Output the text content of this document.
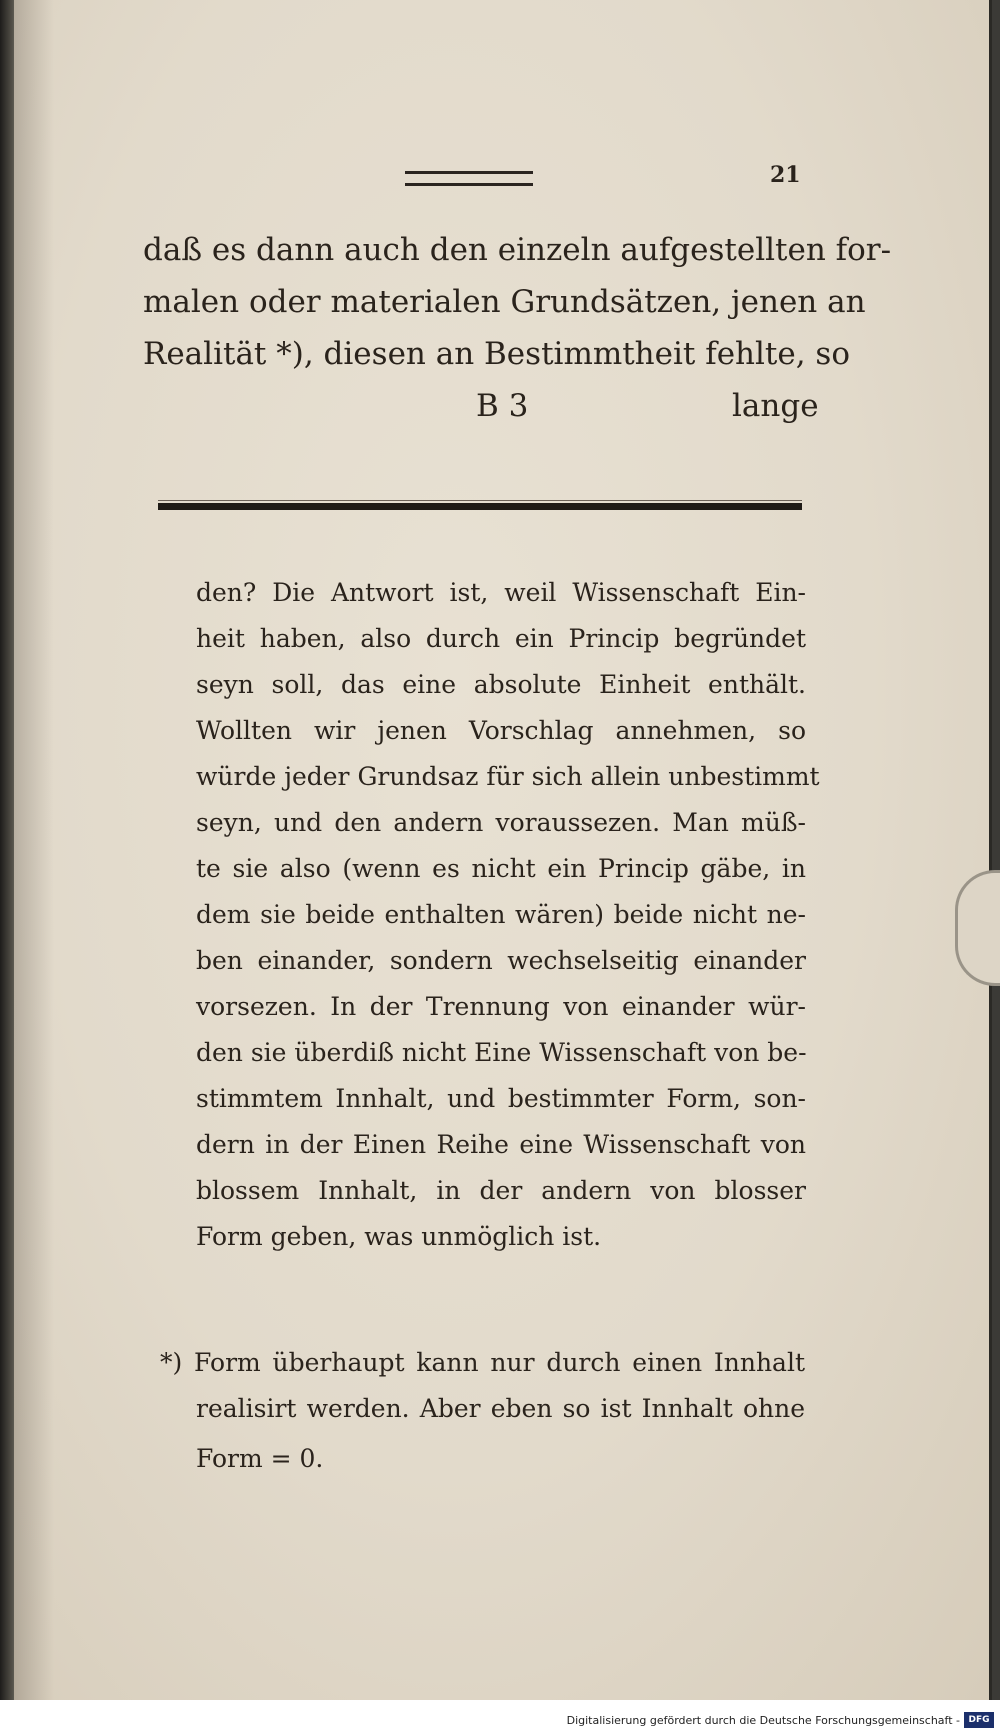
21
daß es dann auch den einzeln aufgestellten for-
malen oder materialen Grundsätzen, jenen an
Realität *), diesen an Bestimmtheit fehlte, so
B 3	lange
den? Die Antwort ist, weil Wissenschaft Ein-
heit haben, also durch ein Princip begründet
seyn soll, das eine absolute Einheit enthält.
Wollten wir jenen Vorschlag annehmen, so
würde jeder Grundsaz für sich allein unbestimmt
seyn, und den andern voraussezen. Man müß-
te sie also (wenn es nicht ein Princip gäbe, in
dem sie beide enthalten wären) beide nicht ne-
ben einander, sondern wechselseitig einander
vorsezen. In der Trennung von einander wür-
den sie überdiß nicht Eine Wissenschaft von be-
stimmtem Innhalt, und bestimmter Form, son-
dern in der Einen Reihe eine Wissenschaft von
blossem Innhalt, in der andern von blosser
Form geben, was unmöglich ist.
*) Form überhaupt kann nur durch einen Innhalt
realisirt werden. Aber eben so ist Innhalt ohne
Form = 0.
Digitalisierung gefördert durch die Deutsche Forschungsgemeinschaft - DFG
